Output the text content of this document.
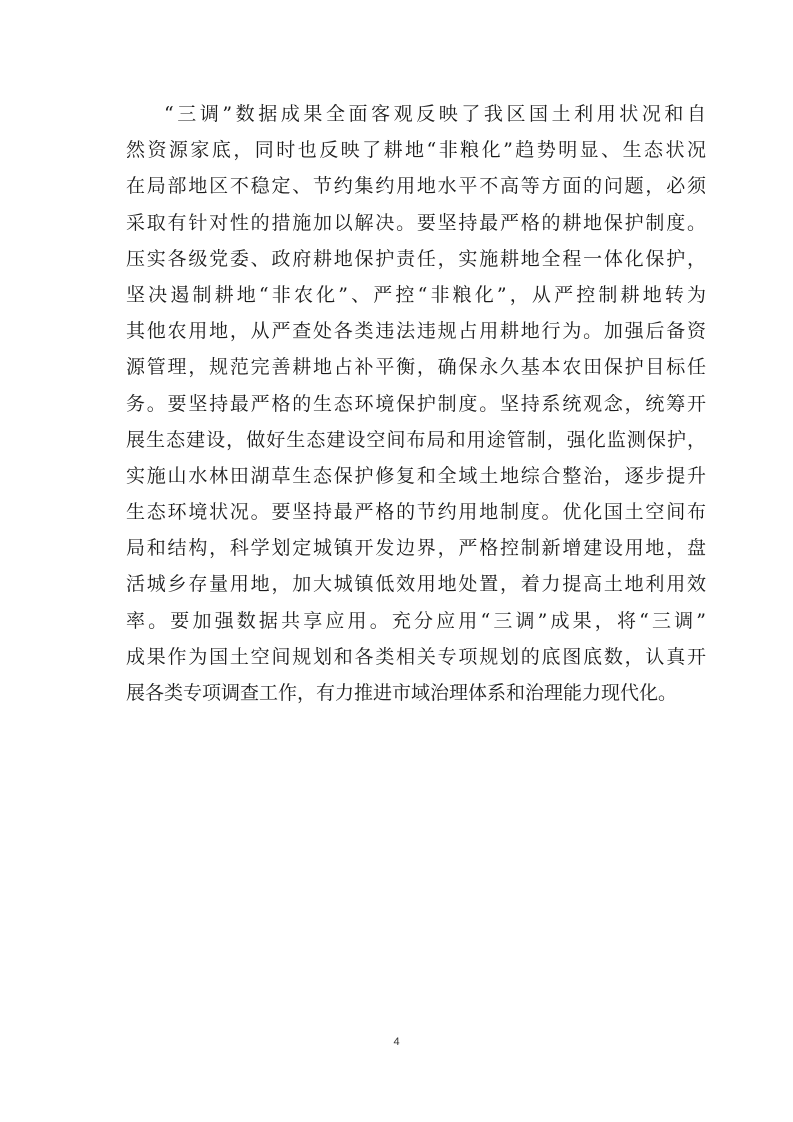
“三调”数据成果全面客观反映了我区国土利用状况和自
然资源家底，同时也反映了耕地“非粮化”趋势明显、生态状况
在局部地区不稳定、节约集约用地水平不高等方面的问题，必须
采取有针对性的措施加以解决。要坚持最严格的耕地保护制度。
压实各级党委、政府耕地保护责任，实施耕地全程一体化保护，
坚决遏制耕地“非农化”、严控“非粮化”，从严控制耕地转为
其他农用地，从严查处各类违法违规占用耕地行为。加强后备资
源管理，规范完善耕地占补平衡，确保永久基本农田保护目标任
务。要坚持最严格的生态环境保护制度。坚持系统观念，统筹开
展生态建设，做好生态建设空间布局和用途管制，强化监测保护，
实施山水林田湖草生态保护修复和全域土地综合整治，逐步提升
生态环境状况。要坚持最严格的节约用地制度。优化国土空间布
局和结构，科学划定城镇开发边界，严格控制新增建设用地，盘
活城乡存量用地，加大城镇低效用地处置，着力提高土地利用效
率。要加强数据共享应用。充分应用“三调”成果，将“三调”
成果作为国土空间规划和各类相关专项规划的底图底数，认真开
展各类专项调查工作，有力推进市域治理体系和治理能力现代化。
4
